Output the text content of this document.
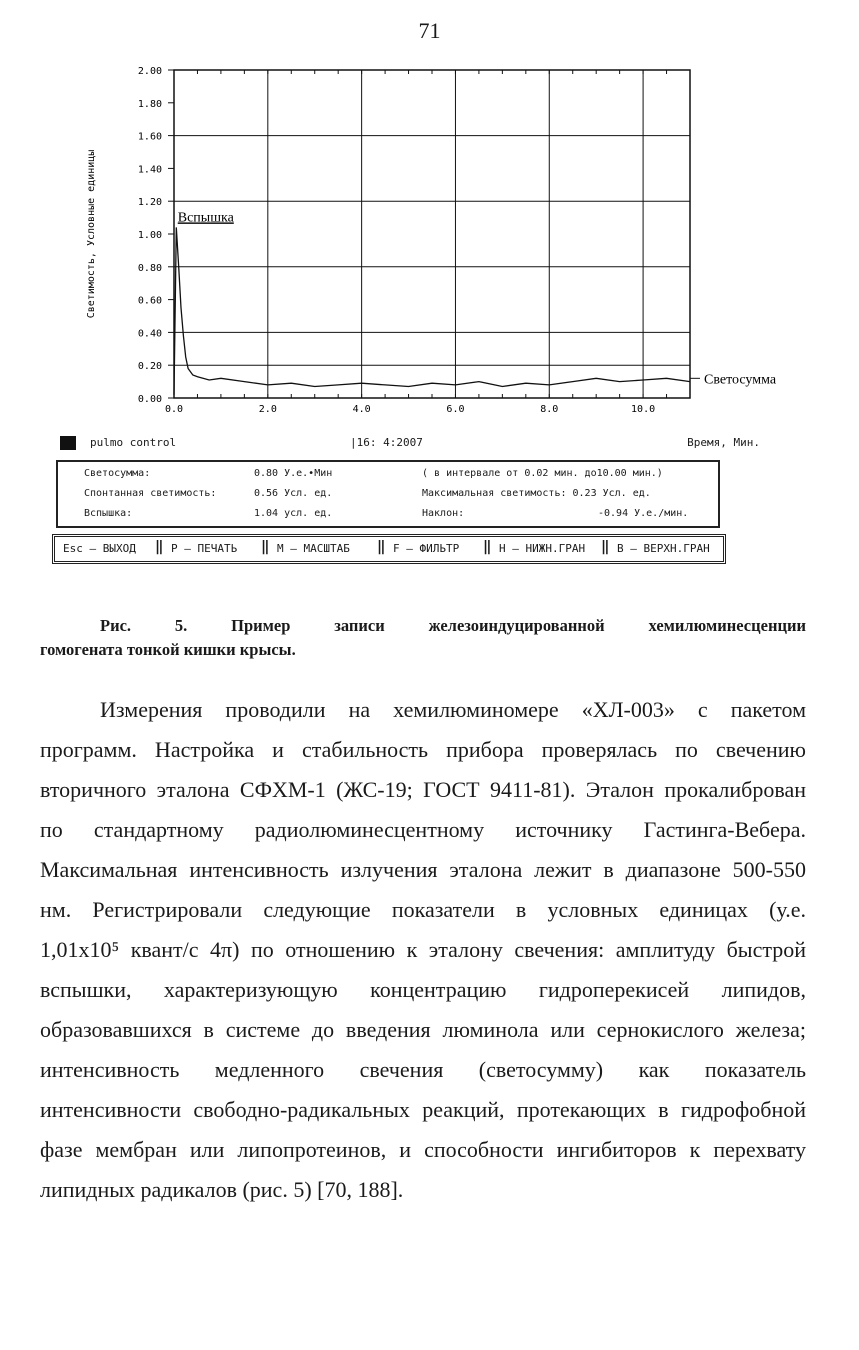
71
0.00
0.20
0.40
0.60
0.80
1.00
1.20
1.40
1.60
1.80
2.00
0.0	2.0	4.0	6.0	8.0	10.0
Светимость, Условные единицы	Вспышка
Светосумма
pulmo control	|16: 4:2007	Время, Мин.
Светосумма:	0.80 У.е.•Мин	( в интервале от 0.02 мин. до10.00 мин.)
Спонтанная светимость:	0.56 Усл. ед.	Максимальная светимость: 0.23 Усл. ед.
Вспышка:	1.04 усл. ед.	Наклон:	-0.94 У.е./мин.
Esc – ВЫХОД ‖ P – ПЕЧАТЬ ‖ M – МАСШТАБ ‖ F – ФИЛЬТР ‖ H – НИЖН.ГРАН ‖ B – ВЕРХН.ГРАН
Рис. 5. Пример записи железоиндуцированной хемилюминесценции
гомогената тонкой кишки крысы.
Измерения проводили на хемилюминомере «ХЛ-003» с пакетом
программ. Настройка и стабильность прибора проверялась по свечению
вторичного эталона СФХМ-1 (ЖС-19; ГОСТ 9411-81). Эталон прокалиброван
по стандартному радиолюминесцентному источнику Гастинга-Вебера.
Максимальная интенсивность излучения эталона лежит в диапазоне 500-550
нм. Регистрировали следующие показатели в условных единицах (у.е.
1,01x10⁵ квант/с 4π) по отношению к эталону свечения: амплитуду быстрой
вспышки, характеризующую концентрацию гидроперекисей липидов,
образовавшихся в системе до введения люминола или сернокислого железа;
интенсивность медленного свечения (светосумму) как показатель
интенсивности свободно-радикальных реакций, протекающих в гидрофобной
фазе мембран или липопротеинов, и способности ингибиторов к перехвату
липидных радикалов (рис. 5) [70, 188].
